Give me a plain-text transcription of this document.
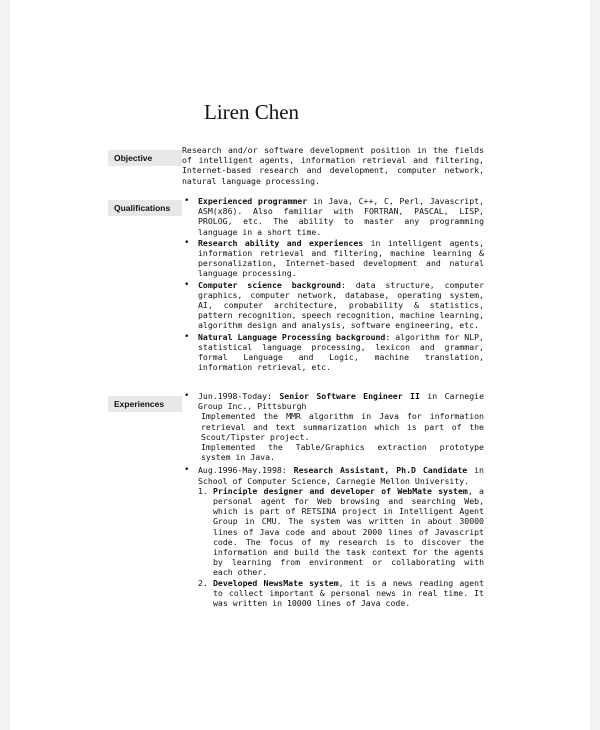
Liren Chen
Objective

Research and/or software development position in the fields of intelligent agents, information retrieval and filtering, Internet-based research and development, computer network, natural language processing.

Qualifications
• Experienced programmer in Java, C++, C, Perl, Javascript, ASM(x86). Also familiar with FORTRAN, PASCAL, LISP, PROLOG, etc. The ability to master any programming language in a short time.
• Research ability and experiences in intelligent agents, information retrieval and filtering, machine learning & personalization, Internet-based development and natural language processing.
• Computer science background: data structure, computer graphics, computer network, database, operating system, AI, computer architecture, probability & statistics, pattern recognition, speech recognition, machine learning, algorithm design and analysis, software engineering, etc.
• Natural Language Processing background: algorithm for NLP, statistical language processing, lexicon and grammar, formal Language and Logic, machine translation, information retrieval, etc.
Experiences
• Jun.1998-Today: Senior Software Engineer II in Carnegie Group Inc., Pittsburgh
Implemented the MMR algorithm in Java for information retrieval and text summarization which is part of the Scout/Tipster project.
Implemented the Table/Graphics extraction prototype system in Java.
• Aug.1996-May.1998: Research Assistant, Ph.D Candidate in School of Computer Science, Carnegie Mellon University.
1. Principle designer and developer of WebMate system, a personal agent for Web browsing and searching Web, which is part of RETSINA project in Intelligent Agent Group in CMU. The system was written in about 30000 lines of Java code and about 2000 lines of Javascript code. The focus of my research is to discover the information and build the task context for the agents by learning from environment or collaborating with each other.
2. Developed NewsMate system, it is a news reading agent to collect important & personal news in real time. It was written in 10000 lines of Java code.
